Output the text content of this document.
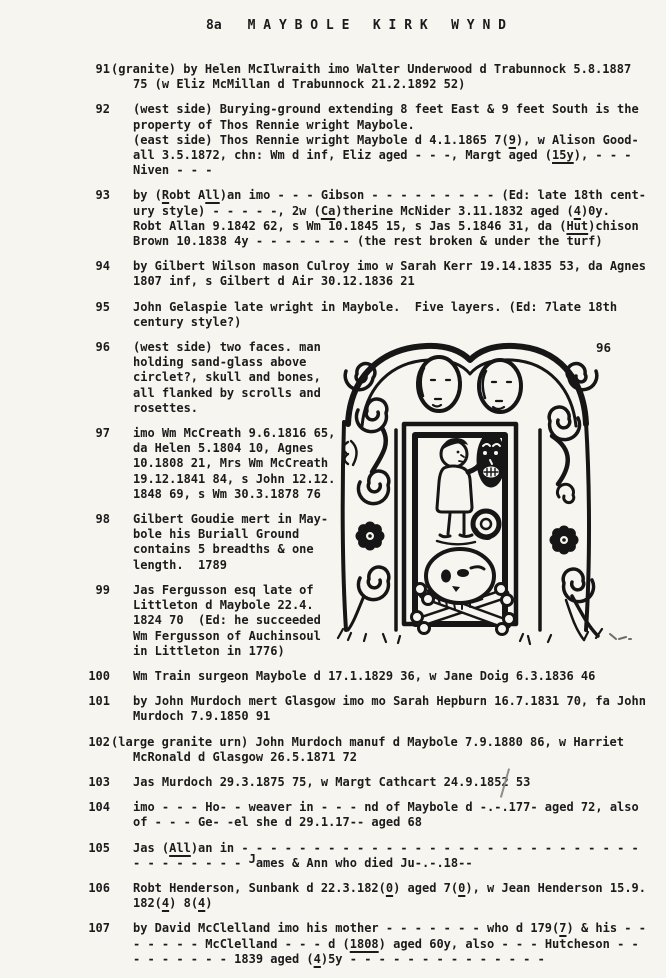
8a M A Y B O L E   K I R K   W Y N D
91 (granite) by Helen McIlwraith imo Walter Underwood d Trabunnock 5.8.1887
75 (w Eliz McMillan d Trabunnock 21.2.1892 52)
92 (west side) Burying-ground extending 8 feet East & 9 feet South is the
property of Thos Rennie wright Maybole.
(east side) Thos Rennie wright Maybole d 4.1.1865 7(9), w Alison Good-
all 3.5.1872, chn: Wm d inf, Eliz aged - - -, Margt aged (15y), - - -
Niven - - -
93 by (Robt All)an imo - - - Gibson - - - - - - - - - (Ed: late 18th cent-
ury style) - - - - -, 2w (Ca)therine McNider 3.11.1832 aged (4)0y.
Robt Allan 9.1842 62, s Wm 10.1845 15, s Jas 5.1846 31, da (Hut)chison
Brown 10.1838 4y - - - - - - - (the rest broken & under the turf)
94 by Gilbert Wilson mason Culroy imo w Sarah Kerr 19.14.1835 53, da Agnes
1807 inf, s Gilbert d Air 30.12.1836 21
95 John Gelaspie late wright in Maybole.  Five layers. (Ed: 7late 18th
century style?)
96 (west side) two faces. man
holding sand-glass above
circlet?, skull and bones,
all flanked by scrolls and
rosettes.
97 imo Wm McCreath 9.6.1816 65,
da Helen 5.1804 10, Agnes
10.1808 21, Mrs Wm McCreath
19.12.1841 84, s John 12.12.
1848 69, s Wm 30.3.1878 76
98 Gilbert Goudie mert in May-
bole his Buriall Ground
contains 5 breadths & one
length.  1789
99 Jas Fergusson esq late of
Littleton d Maybole 22.4.
1824 70  (Ed: he succeeded
Wm Fergusson of Auchinsoul
in Littleton in 1776)
100 Wm Train surgeon Maybole d 17.1.1829 36, w Jane Doig 6.3.1836 46
101 by John Murdoch mert Glasgow imo mo Sarah Hepburn 16.7.1831 70, fa John
Murdoch 7.9.1850 91
102 (large granite urn) John Murdoch manuf d Maybole 7.9.1880 86, w Harriet
McRonald d Glasgow 26.5.1871 72
103 Jas Murdoch 29.3.1875 75, w Margt Cathcart 24.9.1852 53
104 imo - - - Ho- - weaver in - - - nd of Maybole d -.-.177- aged 72, also
of - - - Ge- -el she d 29.1.17-- aged 68
105 Jas (All)an in - - - - - - - - - - - - - - - - - - - - - - - - - - - -
- - - - - - - - James & Ann who died Ju-.-.18--
106 Robt Henderson, Sunbank d 22.3.182(0) aged 7(0), w Jean Henderson 15.9.
182(4) 8(4)
107 by David McClelland imo his mother - - - - - - - who d 179(7) & his - -
- - - - - McClelland - - - d (1808) aged 60y, also - - - Hutcheson - -
- - - - - - - 1839 aged (4)5y - - - - - - - - - - - - - -
96
